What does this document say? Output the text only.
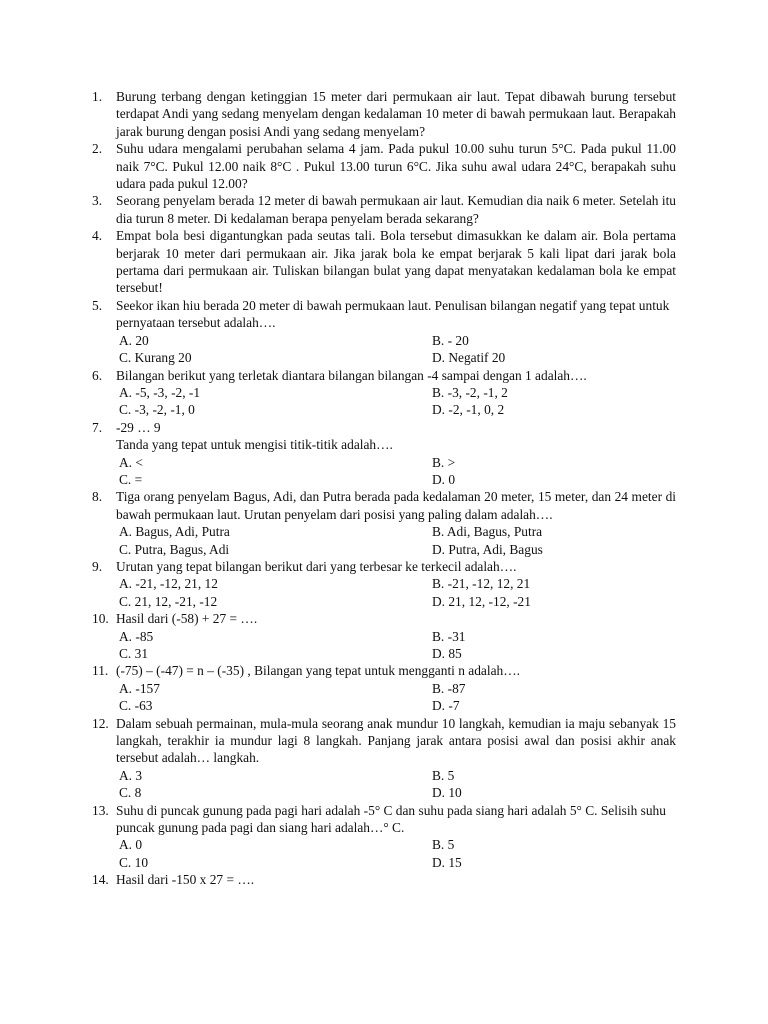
1.	Burung terbang dengan ketinggian 15 meter dari permukaan air laut. Tepat dibawah burung tersebut terdapat Andi yang sedang menyelam dengan kedalaman 10 meter di bawah permukaan laut. Berapakah jarak burung dengan posisi Andi yang sedang menyelam?
2.	Suhu udara mengalami perubahan selama 4 jam. Pada pukul 10.00 suhu turun 5°C. Pada pukul 11.00 naik 7°C. Pukul 12.00 naik 8°C . Pukul 13.00 turun 6°C. Jika suhu awal udara 24°C, berapakah suhu udara pada pukul 12.00?
3.	Seorang penyelam berada 12 meter di bawah permukaan air laut. Kemudian dia naik 6 meter. Setelah itu dia turun 8 meter. Di kedalaman berapa penyelam berada sekarang?
4.	Empat bola besi digantungkan pada seutas tali. Bola tersebut dimasukkan ke dalam air. Bola pertama berjarak 10 meter dari permukaan air. Jika jarak bola ke empat berjarak 5 kali lipat dari jarak bola pertama dari permukaan air. Tuliskan bilangan bulat yang dapat menyatakan kedalaman bola ke empat tersebut!
5.	Seekor ikan hiu berada 20 meter di bawah permukaan laut. Penulisan bilangan negatif yang tepat untuk pernyataan tersebut adalah….
A. 20	B. - 20
C. Kurang 20	D. Negatif 20
6.	Bilangan berikut yang terletak diantara bilangan bilangan -4 sampai dengan 1 adalah….
A. -5, -3, -2, -1	B. -3, -2, -1, 2
C. -3, -2, -1, 0	D. -2, -1, 0, 2
7.	-29 … 9
Tanda yang tepat untuk mengisi titik-titik adalah….
A. <	B. >
C. =	D. 0
8.	Tiga orang penyelam Bagus, Adi, dan Putra berada pada kedalaman 20 meter, 15 meter, dan 24 meter di bawah permukaan laut. Urutan penyelam dari posisi yang paling dalam adalah….
A. Bagus, Adi, Putra	B. Adi, Bagus, Putra
C. Putra, Bagus, Adi	D. Putra, Adi, Bagus
9.	Urutan yang tepat bilangan berikut dari yang terbesar ke terkecil adalah….
A. -21, -12, 21, 12	B. -21, -12, 12, 21
C. 21, 12, -21, -12	D. 21, 12, -12, -21
10. Hasil dari (-58) + 27 = ….
A. -85	B. -31
C. 31	D. 85
11. (-75) – (-47) = n – (-35) , Bilangan yang tepat untuk mengganti n adalah….
A. -157	B. -87
C. -63	D. -7
12. Dalam sebuah permainan, mula-mula seorang anak mundur 10 langkah, kemudian ia maju sebanyak 15 langkah, terakhir ia mundur lagi 8 langkah. Panjang jarak antara posisi awal dan posisi akhir anak tersebut adalah… langkah.
A. 3	B. 5
C. 8	D. 10
13. Suhu di puncak gunung pada pagi hari adalah -5° C dan suhu pada siang hari adalah 5° C. Selisih suhu puncak gunung pada pagi dan siang hari adalah…° C.
A. 0	B. 5
C. 10	D. 15
14. Hasil dari -150 x 27 = ….
